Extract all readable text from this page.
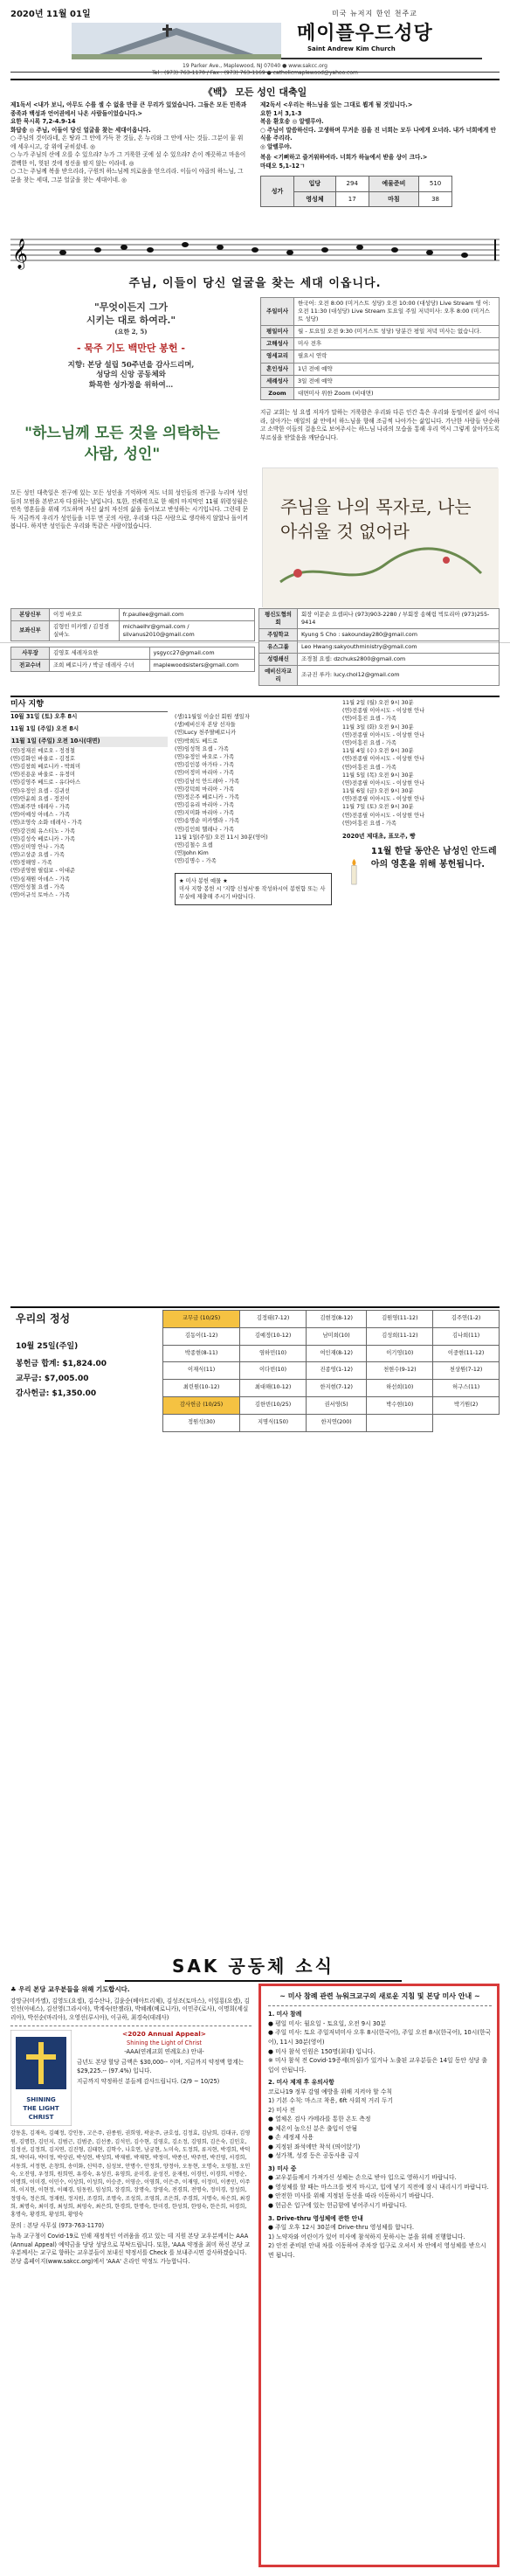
2020년 11월 01일	미국 뉴저지 한인 천주교
메이플우드성당
Saint Andrew Kim Church
19 Parker Ave., Maplewood, NJ 07040 ● www.sakcc.org
Tel : (973) 763-1170 / Fax : (973) 763-1169 ● catholicmaplewood@yahoo.com
《백》 모든 성인 대축일

제1독서 <내가 보니, 아무도 수를 셀 수 없을 만큼 큰 무리가 있었습니다. 그들은 모든 민족과 종족과 백성과 언어권에서 나온 사람들이었습니다.>

요한 묵시록 7,2-4.9-14

화답송 ◎ 주님, 이들이 당신 얼굴을 찾는 세대이옵니다.

○ 주님의 것이라네, 온 땅과 그 안에 가득 찬 것들, 온 누리와 그 안에 사는 것들. 그분이 물 위에 세우시고, 강 위에 굳히셨네. ◎

○ 누가 주님의 산에 오를 수 있으랴? 누가 그 거룩한 곳에 설 수 있으랴? 손이 깨끗하고 마음이 결백한 이, 헛된 것에 정신을 팔지 않는 이라네. ◎

○ 그는 주님께 복을 받으리라, 구원의 하느님께 의로움을 얻으리라. 이들이 야곱의 하느님, 그분을 찾는 세대, 그분 얼굴을 찾는 세대이네. ◎

제2독서 <우리는 하느님을 있는 그대로 뵙게 될 것입니다.>

요한 1서 3,1-3

복음 환호송 ◎ 알렐루야.

○ 주님이 말씀하신다. 고생하며 무거운 짐을 진 너희는 모두 나에게 오너라. 내가 너희에게 안식을 주리라.

◎ 알렐루야.

복음 <기뻐하고 즐거워하여라. 너희가 하늘에서 받을 상이 크다.>

마태오 5,1-12ㄱ

성가	입당	294	예물준비	510
	영성체	17	마침	38
𝄞
주님, 이들이 당신 얼굴을 찾는 세대 이옵니다.
"무엇이든지 그가
시키는 대로 하여라."
(요한 2, 5)
- 묵주 기도 백만단 봉헌 -
지향: 본당 설립 50주년을 감사드리며,
성당의 신앙 공동체와
화목한 성가정을 위하여…
주일미사	한국어: 오전 8:00 (미거스트 성당) 오전 10:00 (대성당) Live Stream 영 어: 오전 11:30 (대성당) Live Stream 토요일 주일 저녁미사: 오후 8:00 (미거스트 성당)
평일미사	월 - 토요일 오전 9:30 (미거스트 성당) 당분간 평일 저녁 미사는 없습니다.
고해성사	미사 전후
영세교리	필요시 연락
혼인성사	1년 전에 예약
세례성사	3일 전에 예약
Zoom	대면미사 위한 Zoom (비대면)
"하느님께 모든 것을 의탁하는 사람, 성인"
모든 성인 대축일은 전구에 있는 모든 성인을 기억하며 저도 너희 성인들의 전구를 누리며 성인들의 모범을 본받고자 다짐하는 날입니다. 또한, 전례력으로 한 해의 마지막인 11월 위령성월은 연옥 영혼들을 위해 기도하며 자신 삶의 자신의 삶을 돌아보고 반성하는 시기입니다. 그런데 문득 지금까지 우리가 성인들을 너무 먼 곳의 사람, 우리와 다른 사람으로 생각하지 않았나 돌이켜봅니다. 하지만 성인들은 우리와 똑같은 사람이었습니다.
지금 교회는 성 요셉 저자가 말하는 거룩함은 우리와 다른 인간 혹은 우리와 동떨어진 삶이 아니라, 살아가는 매일의 삶 안에서 하느님을 향해 조금씩 나아가는 삶입니다. 가난한 사람들 단순하고 소박한 이들의 걸음으로 보여주시는 하느님 나라의 모습을 통해 우리 역시 그렇게 살아가도록 부르심을 받았음을 깨닫습니다.
주님을 나의 목자로, 나는 아쉬울 것 없어라
본당신부	이정 바오로	fr.paullee@gmail.com
보좌신부	김형민 미카엘 / 김정겸 실바노	michaelhr@gmail.com / silvanus2010@gmail.com
사무장	김영호 세레자요한	ysgycc27@gmail.com
전교수녀	조희 베로니카 / 박금 데레사 수녀	maplewoodsisters@gmail.com
평신도협의회	회장 이문순 요셉피나 (973)903-2280 / 부회장 송혜림 빅토리아 (973)255-9414
주일학교	Kyung S Cho : sakounday280@gmail.com
유스그룹	Leo Hwang:sakyouthministry@gmail.com
성령쇄신	조경철 요셉: dzchuks2800@gmail.com
예비신자교리	조규진 루카: lucy.chol12@gmail.com
미사 지향
10월 31일 (토) 오후 8시
11월 1일 (주일) 오전 8시
11월 1일 (주일) 오전 10시(대면)
(연)정재진 메로오 - 정경철
(연)김화인 바울로 - 김정호
(연)김창희 베로니카 - 박희미
(연)진용운 바울로 - 유정미
(연)김영주 베드로 - 유다아스
(연)우정인 요셉 - 김귀선
(연)안윤희 요셉 - 정진이
(연)최주만 데레사 - 가족
(연)이예성 아녜스 - 가족
(연)조영숙 소화 데레사 - 가족
(연)강건희 유스티노 - 가족
(연)김성숙 베로니카 - 가족
(연)신미영 안나 - 가족
(연)고상준 요셉 - 가족
(연)정해영 - 가족
(연)권영현 필립보 - 이대준
(연)심재원 아녜스 - 가족
(연)안성철 요셉 - 가족
(연)이규석 토마스 - 가족
(생)11월일 이슬선 회원 생일자
(생)예비신자 본당 선자들
(연)Lucy 천주딸베로니카
(연)박희도 베드로
(연)임성혁 요셉 - 가족
(연)유정인 바오로 - 가족
(연)김인봉 아가타 - 가족
(연)이정미 마리아 - 가족
(연)김남석 안드레아 - 가족
(연)강덕희 마리아 - 가족
(연)정은주 베로니카 - 가족
(연)김유리 마리아 - 가족
(연)지미화 마리아 - 가족
(연)송명순 미카엘라 - 가족
(연)김인희 헬레나 - 가족
11월 1일(주일) 오전 11시 30분(영어)
(연)김철수 요셉
(연)John Kim
(연)김명수 - 가족
★ 미사 봉헌 예물 ★
미사 지향 봉헌 시 '지향 신청서'를 작성하시어 봉헌함 또는 사무실에 제출해 주시기 바랍니다.
11월 2일 (월) 오전 9시 30분
(연)전종필 이아시도 - 이상현 안나
(연)이흥진 요셉 - 가족
11월 3일 (화) 오전 9시 30분
(연)전종필 이아시도 - 이상현 안나
(연)이흥진 요셉 - 가족
11월 4일 (수) 오전 9시 30분
(연)전종필 이아시도 - 이상현 안나
(연)이흥진 요셉 - 가족
11월 5일 (목) 오전 9시 30분
(연)전종필 이아시도 - 이상현 안나
11월 6일 (금) 오전 9시 30분
(연)전종필 이아시도 - 이상현 안나
11월 7일 (토) 오전 9시 30분
(연)전종필 이아시도 - 이상현 안나
(연)이흥진 요셉 - 가족
2020년 제대초, 표모주, 빵
11월 한달 동안은 남성인 안드레아의 영혼을 위해 봉헌됩니다.
우리의 정성
10월 25일(주일)
봉헌금 합계: $1,824.00
교무금: $7,005.00
감사헌금: $1,350.00
교무금 (10/25)	김정태(7-12)	김현정(8-12)	김원영(11-12)	김주연(1-2)
김동이(1-12)	김예정(10-12)	남미희(10)	김성희(11-12)	김나희(11)
박종현(8-11)	염하민(10)	여인재(8-12)	이기영(10)	이중현(11-12)
이재식(11)	이다빈(10)	진종영(1-12)	천현수(9-12)	천상원(7-12)
최린원(10-12)	최대해(10-12)	한지현(7-12)	하선희(10)	허구스(11)
감사헌금 (10/25)	김한빈(10/25)	권서영(5)	박수현(10)	박기원(2)
정원석(30)	지명식(150)	한지연(200)		
SAK 공동체 소식
♣ 우리 본당 교우분들을 위해 기도합시다.
강망규(미카엘), 김영도(요셉), 김수산나, 길윤순(베아트리체), 김성조(토마스), 이일룡(요셉), 김인선(아녜스), 김선영(그라시아), 박계숙(안젤라), 박혜례(베로니카), 이민주(로사), 이명희(세실리아), 박선순(마리아), 오영선(루시아), 이규하, 최경숙(데레사)
SHINING
THE LIGHT
CHRIST
<2020 Annual Appeal>
Shining the Light of Christ
-AAA(연례교회 연례호소) 안내-
금년도 본당 할당 금액은 $30,000-- 이며, 지금까지 약정액 합계는 $29,225.-- (97.4%) 입니다.
지금까지 약정하신 분들께 감사드립니다. (2/9 ~ 10/25)
강동훈, 김재욱, 김혜정, 강인동, 고은주, 권종원, 권희영, 곽윤주, 금호섭, 김정효, 김남희, 김대규, 김영원, 김명한, 김민지, 김범근, 김범준, 김선종, 김석민, 김수현, 김영호, 김소정, 김영희, 김은숙, 김인호, 김정선, 김정희, 김지연, 김진형, 김태현, 김학수, 나호연, 남궁현, 노미숙, 도정희, 류지현, 박경희, 박덕희, 박미라, 박미정, 박상권, 박성현, 박성희, 박재범, 박재현, 박정미, 박종선, 박주연, 박진영, 서경희, 서동희, 서정현, 손창희, 송미화, 신덕주, 심성보, 안명수, 안정희, 양정아, 오동현, 오명숙, 오영철, 오인숙, 오진영, 우정희, 원희연, 유경숙, 유성진, 유영희, 윤미경, 윤성진, 윤재원, 이경민, 이경희, 이명순, 이명희, 이미경, 이민수, 이상희, 이성희, 이승준, 이영순, 이영희, 이은주, 이재영, 이정미, 이종민, 이주희, 이지현, 이현정, 이혜경, 임동원, 임성희, 장경희, 장명숙, 장영숙, 전경희, 전명숙, 정미경, 정성희, 정영숙, 정은희, 정재원, 정지원, 조경희, 조명숙, 조성희, 조영희, 조은희, 주경희, 지명숙, 차은희, 최경희, 최명숙, 최미경, 최성희, 최영숙, 최은희, 한경희, 한명숙, 한미경, 한성희, 한영숙, 한은희, 허경희, 홍명숙, 황경희, 황성희, 황영숙
문의 : 본당 사무실 (973-763-1170)
뉴욕 교구청이 Covid-19로 인해 재정적인 어려움을 겪고 있는 데 지원 본당 교우분께서는 AAA (Annual Appeal) 예약금을 당당 성당으로 부탁드립니다. 또한, 'AAA 약정을 최미 하신 본당 교우분께서는 교구로 향하는 교우분들이 보내신 약정서를 Check 를 보내주시면 감사하겠습니다. 본당 홈페이지(www.sakcc.org)에서 'AAA' 온라인 약정도 가능합니다.
~ 미사 참례 관련 뉴워크교구의 새로운 지침 및 본당 미사 안내 ~
1. 미사 참례
● 평일 미사: 월요일 - 토요일, 오전 9시 30분
● 주일 미사: 토요 주일저녁미사 오후 8시(한국어), 주일 오전 8시(한국어), 10시(한국어), 11시 30분(영어)
● 미사 참석 인원은 150명(최대) 입니다.
※ 미사 참석 전 Covid-19증세(의심)가 있거나 노출된 교우분들은 14일 동안 성당 출입이 안됩니다.
2. 미사 제재 후 유의사항
코로나19 정부 감염 예방을 위해 지켜야 할 수칙
1) 기본 수칙: 마스크 착용, 6ft 사회적 거리 두기
2) 미사 전
● 열체온 검사 카메라를 통한 온도 측정
● 체온이 높으신 분은 출입이 안됨
● 손 세정제 사용
● 지정된 좌석에만 착석 (띄어앉기)
● 성가책, 성경 등은 공동사용 금지
3) 미사 중
● 교우분들께서 가져가신 성체는 손으로 받아 입으로 영하시기 바랍니다.
● 영성체를 할 때는 마스크를 벗지 마시고, 입에 넣기 직전에 잠시 내리시기 바랍니다.
● 안전한 미사를 위해 지정된 동선을 따라 이동하시기 바랍니다.
● 헌금은 입구에 있는 헌금함에 넣어주시기 바랍니다.
3. Drive-thru 영성체에 관한 안내
● 주일 오후 12시 30분에 Drive-thru 영성체를 합니다.
1) 노약자와 어린이가 있어 미사에 참석하지 못하시는 분을 위해 진행합니다.
2) 안전 준비된 안내 차를 이동하여 주차장 입구로 오셔서 차 안에서 영성체를 받으시면 됩니다.
